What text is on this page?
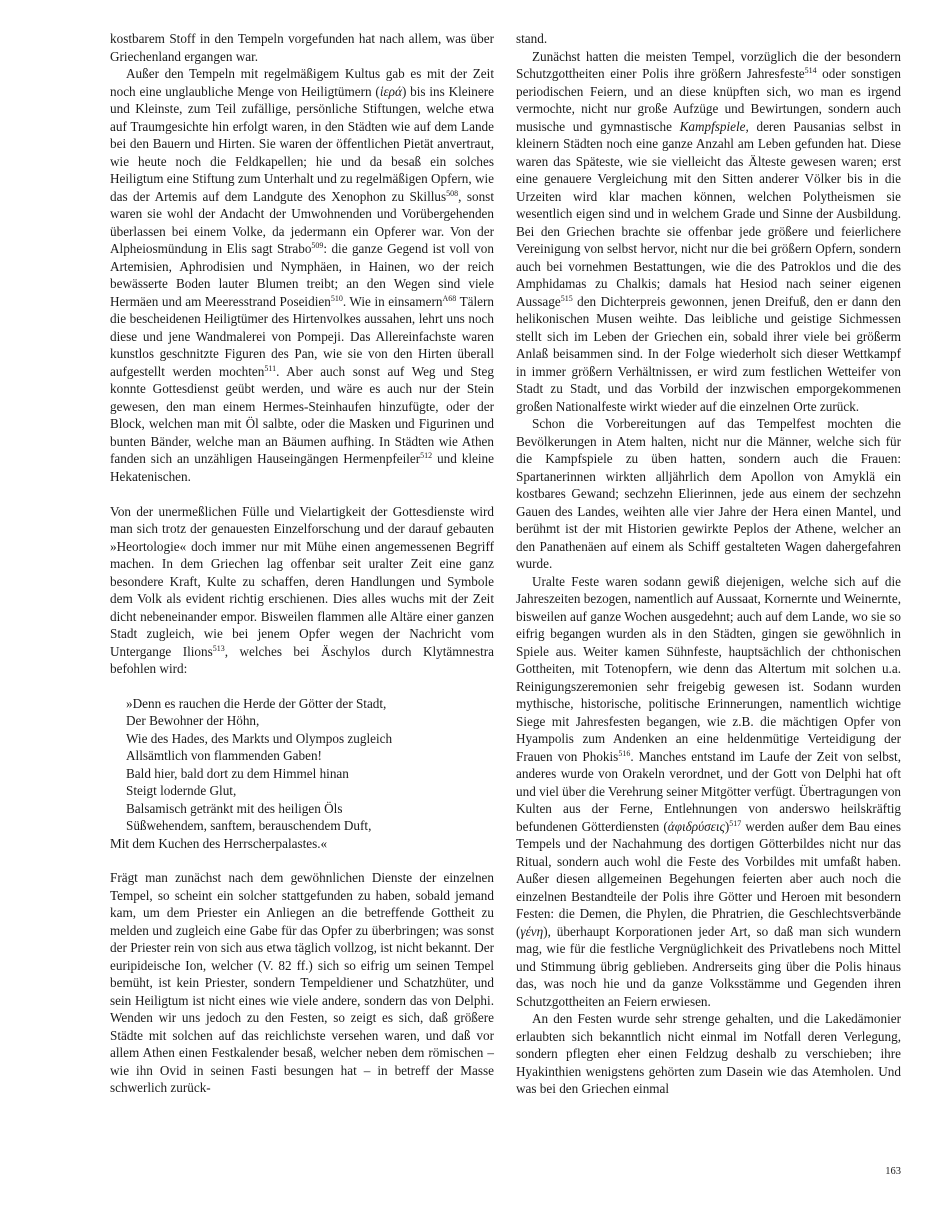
kostbarem Stoff in den Tempeln vorgefunden hat nach allem, was über Griechenland ergangen war.

Außer den Tempeln mit regelmäßigem Kultus gab es mit der Zeit noch eine unglaubliche Menge von Heiligtümern (ἱερά) bis ins Kleinere und Kleinste, zum Teil zufällige, persönliche Stiftungen, welche etwa auf Traumgesichte hin erfolgt waren, in den Städten wie auf dem Lande bei den Bauern und Hirten. Sie waren der öffentlichen Pietät anvertraut, wie heute noch die Feldkapellen; hie und da besaß ein solches Heiligtum eine Stiftung zum Unterhalt und zu regelmäßigen Opfern, wie das der Artemis auf dem Landgute des Xenophon zu Skillus$^{508}$, sonst waren sie wohl der Andacht der Umwohnenden und Vorübergehenden überlassen bei einem Volke, da jedermann ein Opferer war. Von der Alpheiosmündung in Elis sagt Strabo$^{509}$: die ganze Gegend ist voll von Artemisien, Aphrodisien und Nymphäen, in Hainen, wo der reich bewässerte Boden lauter Blumen treibt; an den Wegen sind viele Hermäen und am Meeresstrand Poseidien$^{510}$. Wie in einsamern$^{A68}$ Tälern die bescheidenen Heiligtümer des Hirtenvolkes aussahen, lehrt uns noch diese und jene Wandmalerei von Pompeji. Das Allereinfachste waren kunstlos geschnitzte Figuren des Pan, wie sie von den Hirten überall aufgestellt werden mochten$^{511}$. Aber auch sonst auf Weg und Steg konnte Gottesdienst geübt werden, und wäre es auch nur der Stein gewesen, den man einem Hermes-Steinhaufen hinzufügte, oder der Block, welchen man mit Öl salbte, oder die Masken und Figurinen und bunten Bänder, welche man an Bäumen aufhing. In Städten wie Athen fanden sich an unzähligen Hauseingängen Hermenpfeiler$^{512}$ und kleine Hekatenischen.

Von der unermeßlichen Fülle und Vielartigkeit der Gottesdienste wird man sich trotz der genauesten Einzelforschung und der darauf gebauten »Heortologie« doch immer nur mit Mühe einen angemessenen Begriff machen. In dem Griechen lag offenbar seit uralter Zeit eine ganz besondere Kraft, Kulte zu schaffen, deren Handlungen und Symbole dem Volk als evident richtig erschienen. Dies alles wuchs mit der Zeit dicht nebeneinander empor. Bisweilen flammen alle Altäre einer ganzen Stadt zugleich, wie bei jenem Opfer wegen der Nachricht vom Untergange Ilions$^{513}$, welches bei Äschylos durch Klytämnestra befohlen wird:

»Denn es rauchen die Herde der Götter der Stadt,
Der Bewohner der Höhn,
Wie des Hades, des Markts und Olympos zugleich
Allsämtlich von flammenden Gaben!
Bald hier, bald dort zu dem Himmel hinan
Steigt lodernde Glut,
Balsamisch getränkt mit des heiligen Öls
Süßwehendem, sanftem, berauschendem Duft,
Mit dem Kuchen des Herrscherpalastes.«

Frägt man zunächst nach dem gewöhnlichen Dienste der einzelnen Tempel, so scheint ein solcher stattgefunden zu haben, sobald jemand kam, um dem Priester ein Anliegen an die betreffende Gottheit zu melden und zugleich eine Gabe für das Opfer zu überbringen; was sonst der Priester rein von sich aus etwa täglich vollzog, ist nicht bekannt. Der euripideische Ion, welcher (V. 82 ff.) sich so eifrig um seinen Tempel bemüht, ist kein Priester, sondern Tempeldiener und Schatzhüter, und sein Heiligtum ist nicht eines wie viele andere, sondern das von Delphi. Wenden wir uns jedoch zu den Festen, so zeigt es sich, daß größere Städte mit solchen auf das reichlichste versehen waren, und daß vor allem Athen einen Festkalender besaß, welcher neben dem römischen – wie ihn Ovid in seinen Fasti besungen hat – in betreff der Masse schwerlich zurück-

stand.

Zunächst hatten die meisten Tempel, vorzüglich die der besondern Schutzgottheiten einer Polis ihre größern Jahresfeste$^{514}$ oder sonstigen periodischen Feiern, und an diese knüpften sich, wo man es irgend vermochte, nicht nur große Aufzüge und Bewirtungen, sondern auch musische und gymnastische Kampfspiele, deren Pausanias selbst in kleinern Städten noch eine ganze Anzahl am Leben gefunden hat. Diese waren das Späteste, wie sie vielleicht das Älteste gewesen waren; erst eine genauere Vergleichung mit den Sitten anderer Völker bis in die Urzeiten wird klar machen können, welchen Polytheismen sie wesentlich eigen sind und in welchem Grade und Sinne der Ausbildung. Bei den Griechen brachte sie offenbar jede größere und feierlichere Vereinigung von selbst hervor, nicht nur die bei größern Opfern, sondern auch bei vornehmen Bestattungen, wie die des Patroklos und die des Amphidamas zu Chalkis; damals hat Hesiod nach seiner eigenen Aussage$^{515}$ den Dichterpreis gewonnen, jenen Dreifuß, den er dann den helikonischen Musen weihte. Das leibliche und geistige Sichmessen stellt sich im Leben der Griechen ein, sobald ihrer viele bei größerm Anlaß beisammen sind. In der Folge wiederholt sich dieser Wettkampf in immer größern Verhältnissen, er wird zum festlichen Wetteifer von Stadt zu Stadt, und das Vorbild der inzwischen emporgekommenen großen Nationalfeste wirkt wieder auf die einzelnen Orte zurück.

Schon die Vorbereitungen auf das Tempelfest mochten die Bevölkerungen in Atem halten, nicht nur die Männer, welche sich für die Kampfspiele zu üben hatten, sondern auch die Frauen: Spartanerinnen wirkten alljährlich dem Apollon von Amyklä ein kostbares Gewand; sechzehn Elierinnen, jede aus einem der sechzehn Gauen des Landes, weihten alle vier Jahre der Hera einen Mantel, und berühmt ist der mit Historien gewirkte Peplos der Athene, welcher an den Panathenäen auf einem als Schiff gestalteten Wagen dahergefahren wurde.

Uralte Feste waren sodann gewiß diejenigen, welche sich auf die Jahreszeiten bezogen, namentlich auf Aussaat, Kornernte und Weinernte, bisweilen auf ganze Wochen ausgedehnt; auch auf dem Lande, wo sie so eifrig begangen wurden als in den Städten, gingen sie gewöhnlich in Spiele aus. Weiter kamen Sühnfeste, hauptsächlich der chthonischen Gottheiten, mit Totenopfern, wie denn das Altertum mit solchen u.a. Reinigungszeremonien sehr freigebig gewesen ist. Sodann wurden mythische, historische, politische Erinnerungen, namentlich wichtige Siege mit Jahresfesten begangen, wie z.B. die mächtigen Opfer von Hyampolis zum Andenken an eine heldenmütige Verteidigung der Frauen von Phokis$^{516}$. Manches entstand im Laufe der Zeit von selbst, anderes wurde von Orakeln verordnet, und der Gott von Delphi hat oft und viel über die Verehrung seiner Mitgötter verfügt. Übertragungen von Kulten aus der Ferne, Entlehnungen von anderswo heilskräftig befundenen Götterdiensten (ἀφιδρύσεις)$^{517}$ werden außer dem Bau eines Tempels und der Nachahmung des dortigen Götterbildes nicht nur das Ritual, sondern auch wohl die Feste des Vorbildes mit umfaßt haben. Außer diesen allgemeinen Begehungen feierten aber auch noch die einzelnen Bestandteile der Polis ihre Götter und Heroen mit besondern Festen: die Demen, die Phylen, die Phratrien, die Geschlechtsverbände (γένη), überhaupt Korporationen jeder Art, so daß man sich wundern mag, wie für die festliche Vergnüglichkeit des Privatlebens noch Mittel und Stimmung übrig geblieben. Andrerseits ging über die Polis hinaus das, was noch hie und da ganze Volksstämme und Gegenden ihren Schutzgottheiten an Feiern erwiesen.

An den Festen wurde sehr strenge gehalten, und die Lakedämonier erlaubten sich bekanntlich nicht einmal im Notfall deren Verlegung, sondern pflegten eher einen Feldzug deshalb zu verschieben; ihre Hyakinthien wenigstens gehörten zum Dasein wie das Atemholen. Und was bei den Griechen einmal

163
